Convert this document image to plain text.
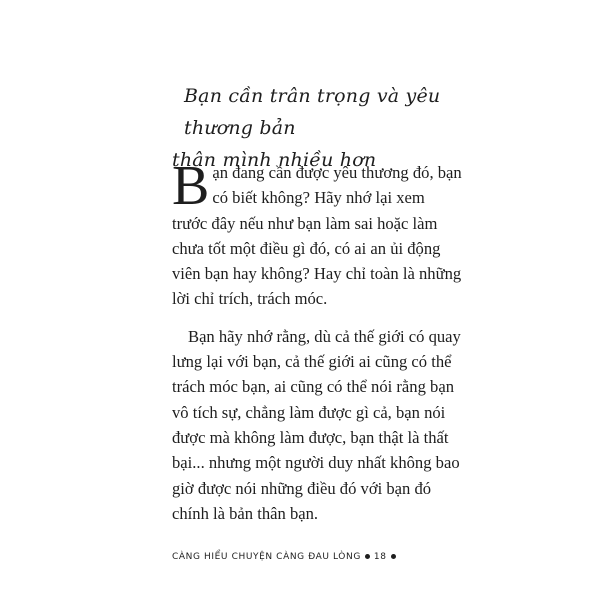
Bạn cần trân trọng và yêu thương bản
thân mình nhiều hơn

Bạn đang cần được yêu thương đó, bạn có biết không? Hãy nhớ lại xem trước đây nếu như bạn làm sai hoặc làm chưa tốt một điều gì đó, có ai an ủi động viên bạn hay không? Hay chỉ toàn là những lời chỉ trích, trách móc.

Bạn hãy nhớ rằng, dù cả thế giới có quay lưng lại với bạn, cả thế giới ai cũng có thể trách móc bạn, ai cũng có thể nói rằng bạn vô tích sự, chẳng làm được gì cả, bạn nói được mà không làm được, bạn thật là thất bại... nhưng một người duy nhất không bao giờ được nói những điều đó với bạn đó chính là bản thân bạn.

CÀNG HIỂU CHUYỆN CÀNG ĐAU LÒNG 18
